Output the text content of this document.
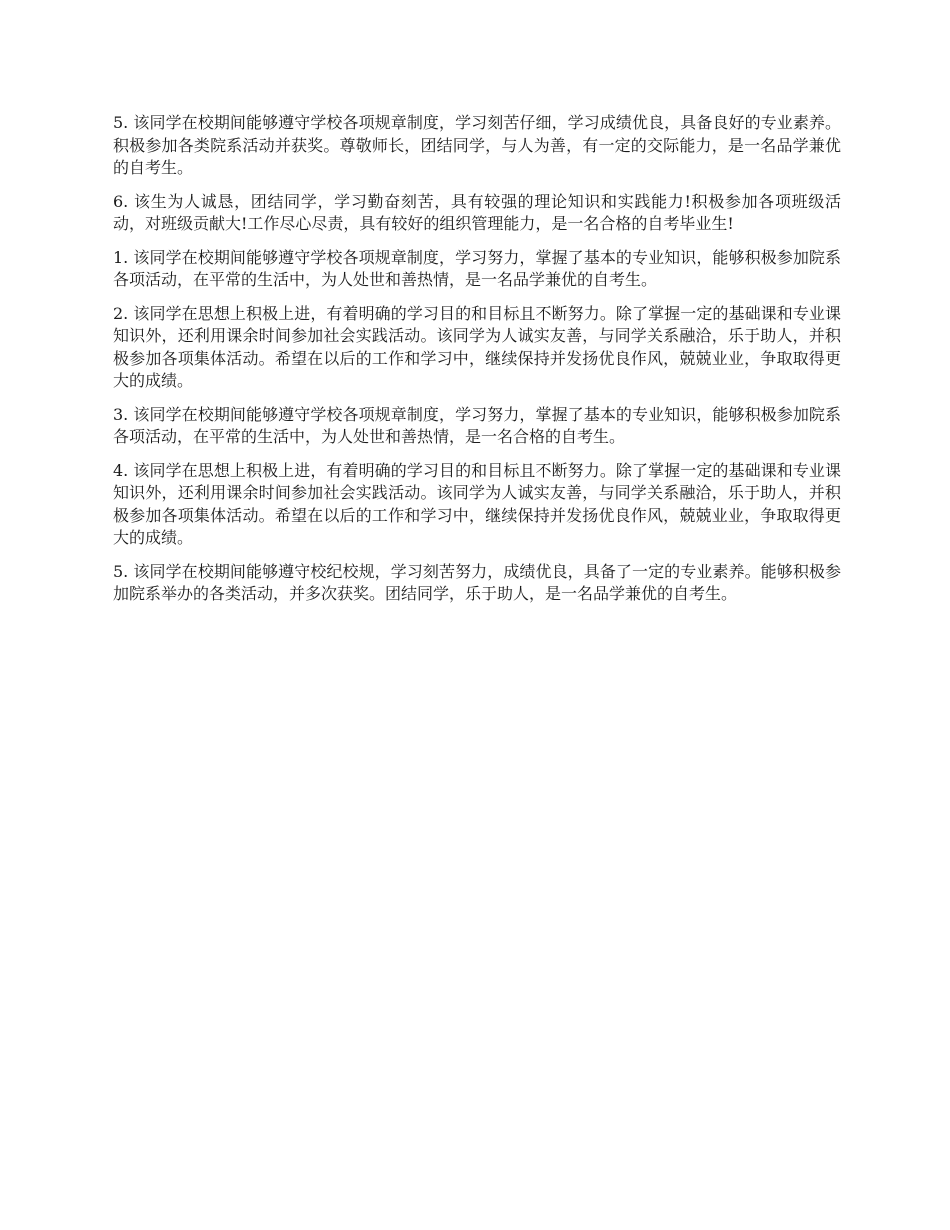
5. 该同学在校期间能够遵守学校各项规章制度，学习刻苦仔细，学习成绩优良，具备良好的专业素养。积极参加各类院系活动并获奖。尊敬师长，团结同学，与人为善，有一定的交际能力，是一名品学兼优的自考生。

6. 该生为人诚恳，团结同学，学习勤奋刻苦，具有较强的理论知识和实践能力!积极参加各项班级活动，对班级贡献大!工作尽心尽责，具有较好的组织管理能力，是一名合格的自考毕业生!

1. 该同学在校期间能够遵守学校各项规章制度，学习努力，掌握了基本的专业知识，能够积极参加院系各项活动，在平常的生活中，为人处世和善热情，是一名品学兼优的自考生。

2. 该同学在思想上积极上进，有着明确的学习目的和目标且不断努力。除了掌握一定的基础课和专业课知识外，还利用课余时间参加社会实践活动。该同学为人诚实友善，与同学关系融洽，乐于助人，并积极参加各项集体活动。希望在以后的工作和学习中，继续保持并发扬优良作风，兢兢业业，争取取得更大的成绩。

3. 该同学在校期间能够遵守学校各项规章制度，学习努力，掌握了基本的专业知识，能够积极参加院系各项活动，在平常的生活中，为人处世和善热情，是一名合格的自考生。

4. 该同学在思想上积极上进，有着明确的学习目的和目标且不断努力。除了掌握一定的基础课和专业课知识外，还利用课余时间参加社会实践活动。该同学为人诚实友善，与同学关系融洽，乐于助人，并积极参加各项集体活动。希望在以后的工作和学习中，继续保持并发扬优良作风，兢兢业业，争取取得更大的成绩。

5. 该同学在校期间能够遵守校纪校规，学习刻苦努力，成绩优良，具备了一定的专业素养。能够积极参加院系举办的各类活动，并多次获奖。团结同学，乐于助人，是一名品学兼优的自考生。
